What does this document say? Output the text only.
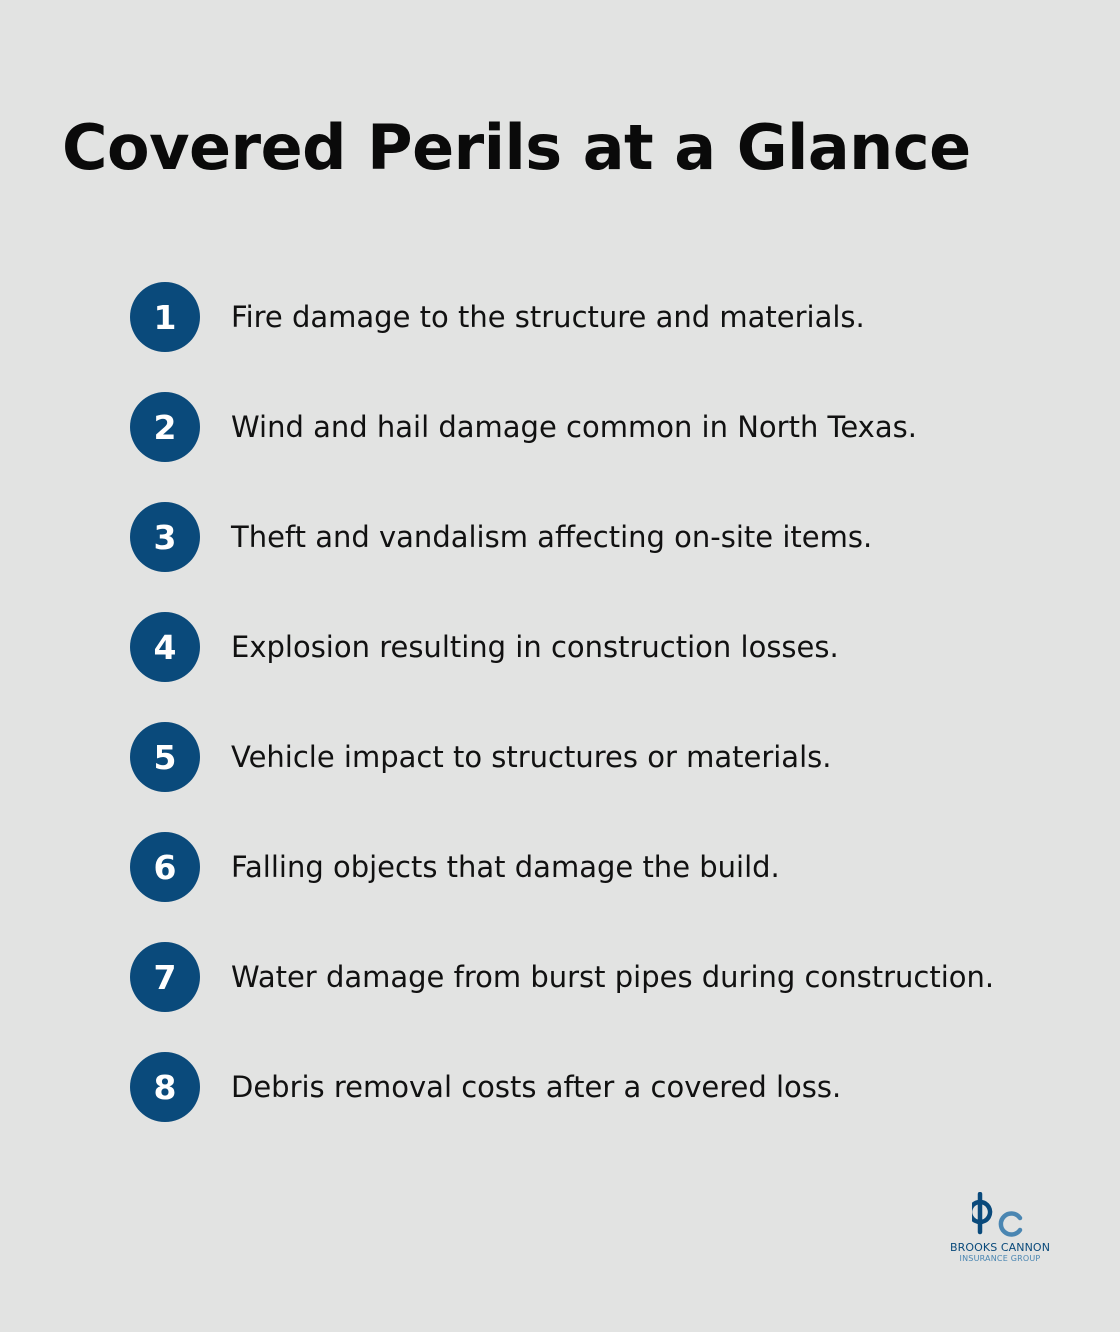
Covered Perils at a Glance
1	Fire damage to the structure and materials.
2	Wind and hail damage common in North Texas.
3	Theft and vandalism affecting on-site items.
4	Explosion resulting in construction losses.
5	Vehicle impact to structures or materials.
6	Falling objects that damage the build.
7	Water damage from burst pipes during construction.
8	Debris removal costs after a covered loss.
BROOKS CANNON
INSURANCE GROUP
